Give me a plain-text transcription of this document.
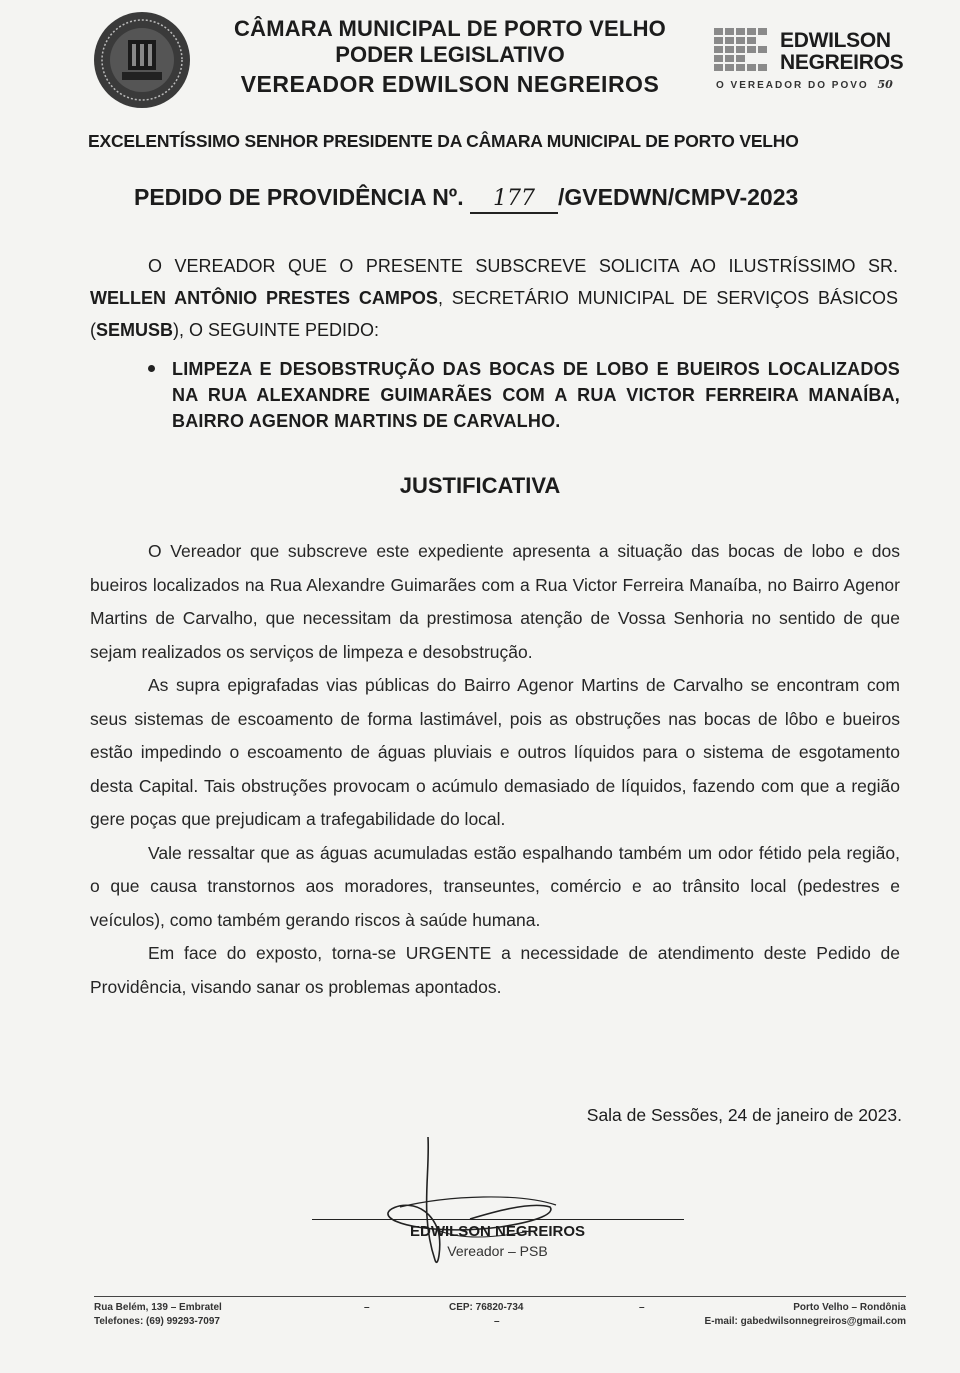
CÂMARA MUNICIPAL DE PORTO VELHO
PODER LEGISLATIVO
VEREADOR EDWILSON NEGREIROS
EDWILSON
NEGREIROS
O VEREADOR DO POVO 50
EXCELENTÍSSIMO SENHOR PRESIDENTE DA CÂMARA MUNICIPAL DE PORTO VELHO
PEDIDO DE PROVIDÊNCIA Nº. 177 /GVEDWN/CMPV-2023

O VEREADOR QUE O PRESENTE SUBSCREVE SOLICITA AO ILUSTRÍSSIMO SR. WELLEN ANTÔNIO PRESTES CAMPOS, SECRETÁRIO MUNICIPAL DE SERVIÇOS BÁSICOS (SEMUSB), O SEGUINTE PEDIDO:

LIMPEZA E DESOBSTRUÇÃO DAS BOCAS DE LOBO E BUEIROS LOCALIZADOS NA RUA ALEXANDRE GUIMARÃES COM A RUA VICTOR FERREIRA MANAÍBA, BAIRRO AGENOR MARTINS DE CARVALHO.
JUSTIFICATIVA

O Vereador que subscreve este expediente apresenta a situação das bocas de lobo e dos bueiros localizados na Rua Alexandre Guimarães com a Rua Victor Ferreira Manaíba, no Bairro Agenor Martins de Carvalho, que necessitam da prestimosa atenção de Vossa Senhoria no sentido de que sejam realizados os serviços de limpeza e desobstrução.

As supra epigrafadas vias públicas do Bairro Agenor Martins de Carvalho se encontram com seus sistemas de escoamento de forma lastimável, pois as obstruções nas bocas de lôbo e bueiros estão impedindo o escoamento de águas pluviais e outros líquidos para o sistema de esgotamento desta Capital. Tais obstruções provocam o acúmulo demasiado de líquidos, fazendo com que a região gere poças que prejudicam a trafegabilidade do local.

Vale ressaltar que as águas acumuladas estão espalhando também um odor fétido pela região, o que causa transtornos aos moradores, transeuntes, comércio e ao trânsito local (pedestres e veículos), como também gerando riscos à saúde humana.

Em face do exposto, torna-se URGENTE a necessidade de atendimento deste Pedido de Providência, visando sanar os problemas apontados.

Sala de Sessões, 24 de janeiro de 2023.
EDWILSON NEGREIROS
Vereador – PSB
Rua Belém, 139 – Embratel
Telefones: (69) 99293-7097
–	CEP: 76820-734
–
–	Porto Velho – Rondônia
E-mail: gabedwilsonnegreiros@gmail.com
